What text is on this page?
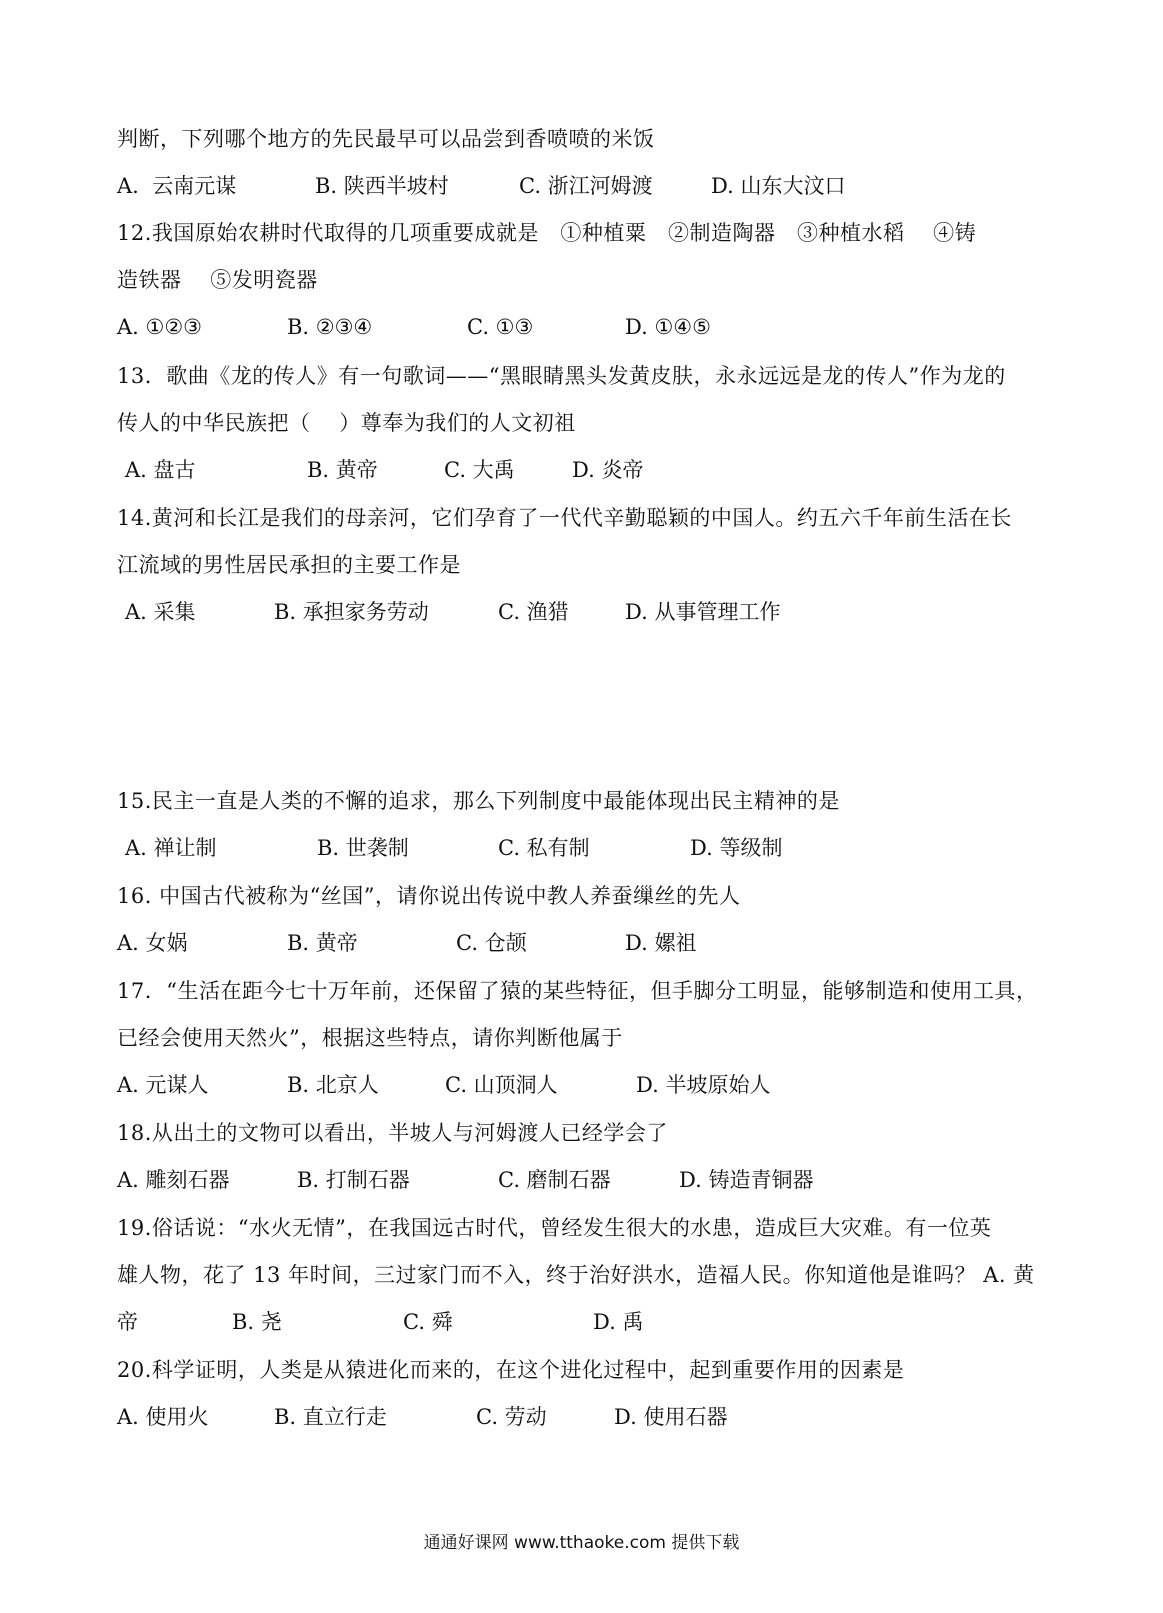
判断，下列哪个地方的先民最早可以品尝到香喷喷的米饭

A.  云南元谋

	B. 陕西半坡村

	C. 浙江河姆渡

	D. 山东大汶口

12.我国原始农耕时代取得的几项重要成就是   ①种植粟   ②制造陶器   ③种植水稻    ④铸
造铁器    ⑤发明瓷器

A. ①②③

	B. ②③④

	C. ①③

	D. ①④⑤

13.  歌曲《龙的传人》有一句歌词——“黑眼睛黑头发黄皮肤，永永远远是龙的传人”作为龙的
传人的中华民族把（    ）尊奉为我们的人文初祖

A. 盘古

	B. 黄帝

	C. 大禹

	D. 炎帝

14.黄河和长江是我们的母亲河，它们孕育了一代代辛勤聪颖的中国人。约五六千年前生活在长
江流域的男性居民承担的主要工作是

A. 采集

	B. 承担家务劳动

	C. 渔猎

	D. 从事管理工作

15.民主一直是人类的不懈的追求，那么下列制度中最能体现出民主精神的是

A. 禅让制

	B. 世袭制

	C. 私有制

	D. 等级制

16. 中国古代被称为“丝国”，请你说出传说中教人养蚕缫丝的先人

A. 女娲

	B. 黄帝

	C. 仓颉

	D. 嫘祖

17.  “生活在距今七十万年前，还保留了猿的某些特征，但手脚分工明显，能够制造和使用工具，
已经会使用天然火”，根据这些特点，请你判断他属于

A. 元谋人

	B. 北京人

	C. 山顶洞人

	D. 半坡原始人

18.从出土的文物可以看出，半坡人与河姆渡人已经学会了

A. 雕刻石器

	B. 打制石器

	C. 磨制石器

	D. 铸造青铜器

19.俗话说：“水火无情”，在我国远古时代，曾经发生很大的水患，造成巨大灾难。有一位英
雄人物，花了 13 年时间，三过家门而不入，终于治好洪水，造福人民。你知道他是谁吗？ A. 黄

帝

	B. 尧

	C. 舜

	D. 禹

20.科学证明，人类是从猿进化而来的，在这个进化过程中，起到重要作用的因素是

A. 使用火

	B. 直立行走

	C. 劳动

	D. 使用石器

通通好课网 www.tthaoke.com 提供下载
